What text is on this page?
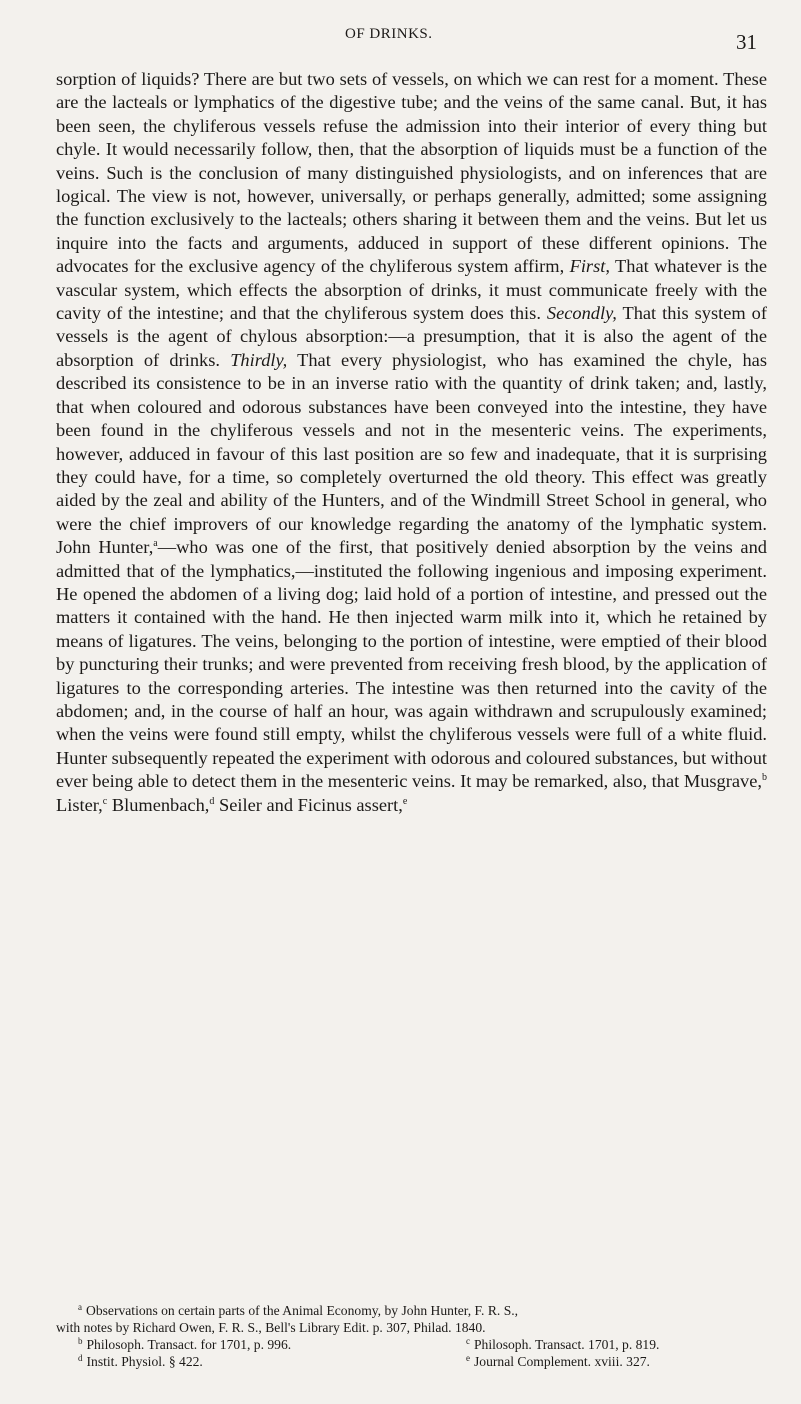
OF DRINKS.	31

sorption of liquids? There are but two sets of vessels, on which we can rest for a moment. These are the lacteals or lymphatics of the digestive tube; and the veins of the same canal. But, it has been seen, the chyliferous vessels refuse the admission into their interior of every thing but chyle. It would necessarily follow, then, that the absorption of liquids must be a function of the veins. Such is the conclusion of many distinguished physiologists, and on inferences that are logical. The view is not, however, universally, or perhaps generally, admitted; some assigning the function exclusively to the lacteals; others sharing it between them and the veins. But let us inquire into the facts and arguments, adduced in support of these different opinions. The advocates for the exclusive agency of the chyliferous system affirm, First, That whatever is the vascular system, which effects the absorption of drinks, it must communicate freely with the cavity of the intestine; and that the chyliferous system does this. Secondly, That this system of vessels is the agent of chylous absorption:—a presumption, that it is also the agent of the absorption of drinks. Thirdly, That every physiologist, who has examined the chyle, has described its consistence to be in an inverse ratio with the quantity of drink taken; and, lastly, that when coloured and odorous substances have been conveyed into the intestine, they have been found in the chyliferous vessels and not in the mesenteric veins. The experiments, however, adduced in favour of this last position are so few and inadequate, that it is surprising they could have, for a time, so completely overturned the old theory. This effect was greatly aided by the zeal and ability of the Hunters, and of the Windmill Street School in general, who were the chief improvers of our knowledge regarding the anatomy of the lymphatic system. John Hunter,$^a$—who was one of the first, that positively denied absorption by the veins and admitted that of the lymphatics,—instituted the following ingenious and imposing experiment. He opened the abdomen of a living dog; laid hold of a portion of intestine, and pressed out the matters it contained with the hand. He then injected warm milk into it, which he retained by means of ligatures. The veins, belonging to the portion of intestine, were emptied of their blood by puncturing their trunks; and were prevented from receiving fresh blood, by the application of ligatures to the corresponding arteries. The intestine was then returned into the cavity of the abdomen; and, in the course of half an hour, was again withdrawn and scrupulously examined; when the veins were found still empty, whilst the chyliferous vessels were full of a white fluid. Hunter subsequently repeated the experiment with odorous and coloured substances, but without ever being able to detect them in the mesenteric veins. It may be remarked, also, that Musgrave,$^b$ Lister,$^c$ Blumenbach,$^d$ Seiler and Ficinus assert,$^e$

$^a$ Observations on certain parts of the Animal Economy, by John Hunter, F. R. S.,
with notes by Richard Owen, F. R. S., Bell's Library Edit. p. 307, Philad. 1840.
$^b$ Philosoph. Transact. for 1701, p. 996.	$^c$ Philosoph. Transact. 1701, p. 819.
$^d$ Instit. Physiol. § 422.	$^e$ Journal Complement. xviii. 327.
